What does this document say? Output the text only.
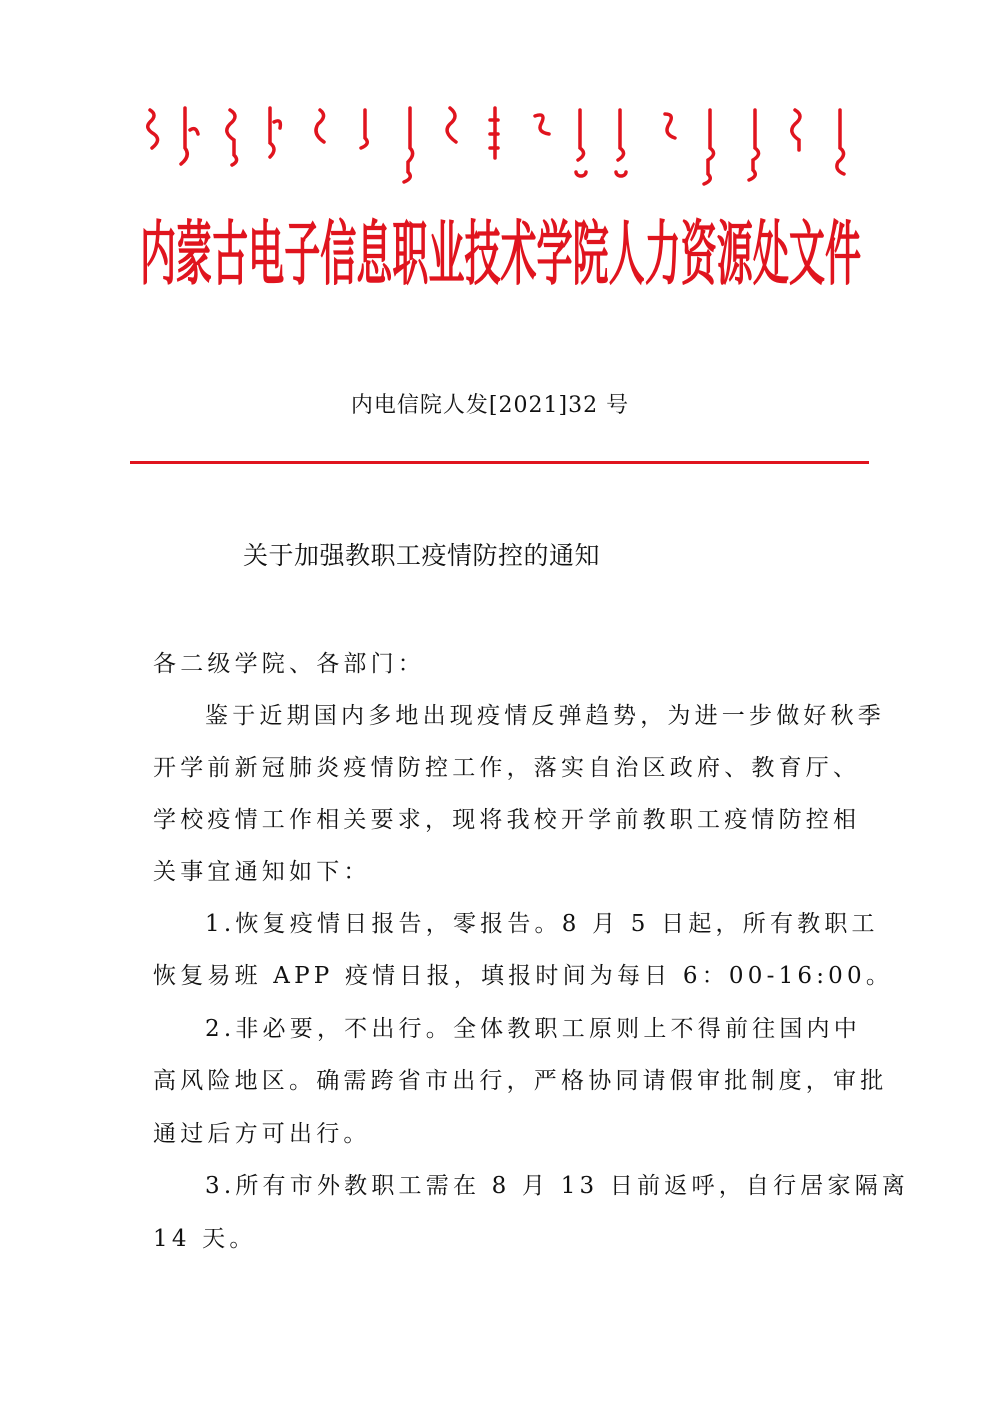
内蒙古电子信息职业技术学院人力资源处文件
内电信院人发[2021]32 号
关于加强教职工疫情防控的通知
各二级学院、各部门：
鉴于近期国内多地出现疫情反弹趋势，为进一步做好秋季
开学前新冠肺炎疫情防控工作，落实自治区政府、教育厅、
学校疫情工作相关要求，现将我校开学前教职工疫情防控相
关事宜通知如下：
1.恢复疫情日报告，零报告。8 月 5 日起，所有教职工
恢复易班 APP 疫情日报，填报时间为每日 6：00-16:00。
2.非必要，不出行。全体教职工原则上不得前往国内中
高风险地区。确需跨省市出行，严格协同请假审批制度，审批
通过后方可出行。
3.所有市外教职工需在 8 月 13 日前返呼，自行居家隔离
14 天。
